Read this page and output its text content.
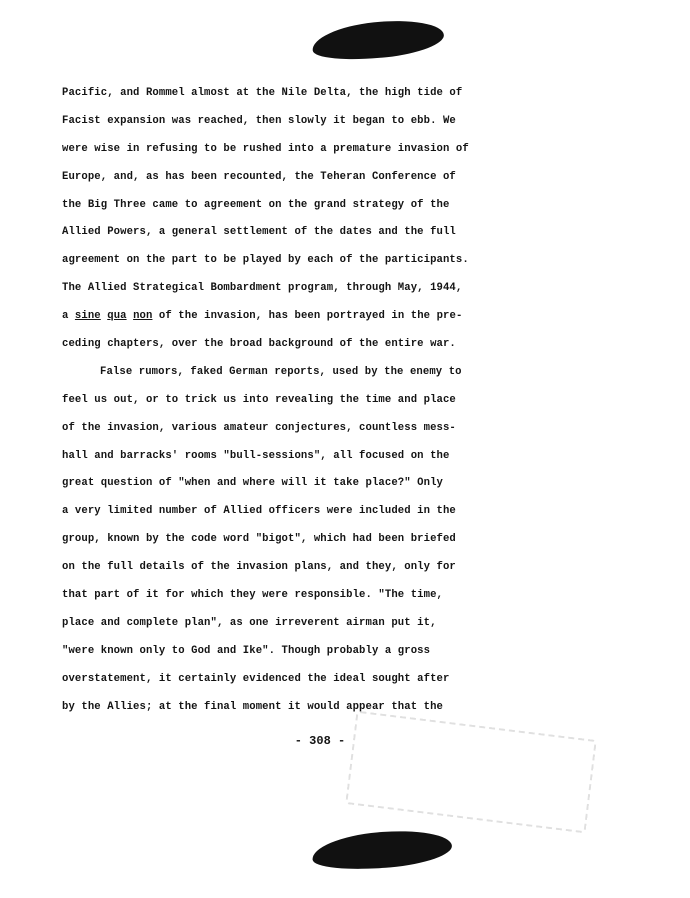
Pacific, and Rommel almost at the Nile Delta, the high tide of
Facist expansion was reached, then slowly it began to ebb. We
were wise in refusing to be rushed into a premature invasion of
Europe, and, as has been recounted, the Teheran Conference of
the Big Three came to agreement on the grand strategy of the
Allied Powers, a general settlement of the dates and the full
agreement on the part to be played by each of the participants.
The Allied Strategical Bombardment program, through May, 1944,
a sine qua non of the invasion, has been portrayed in the pre-
ceding chapters, over the broad background of the entire war.
False rumors, faked German reports, used by the enemy to
feel us out, or to trick us into revealing the time and place
of the invasion, various amateur conjectures, countless mess-
hall and barracks' rooms "bull-sessions", all focused on the
great question of "when and where will it take place?" Only
a very limited number of Allied officers were included in the
group, known by the code word "bigot", which had been briefed
on the full details of the invasion plans, and they, only for
that part of it for which they were responsible. "The time,
place and complete plan", as one irreverent airman put it,
"were known only to God and Ike". Though probably a gross
overstatement, it certainly evidenced the ideal sought after
by the Allies; at the final moment it would appear that the
- 308 -
